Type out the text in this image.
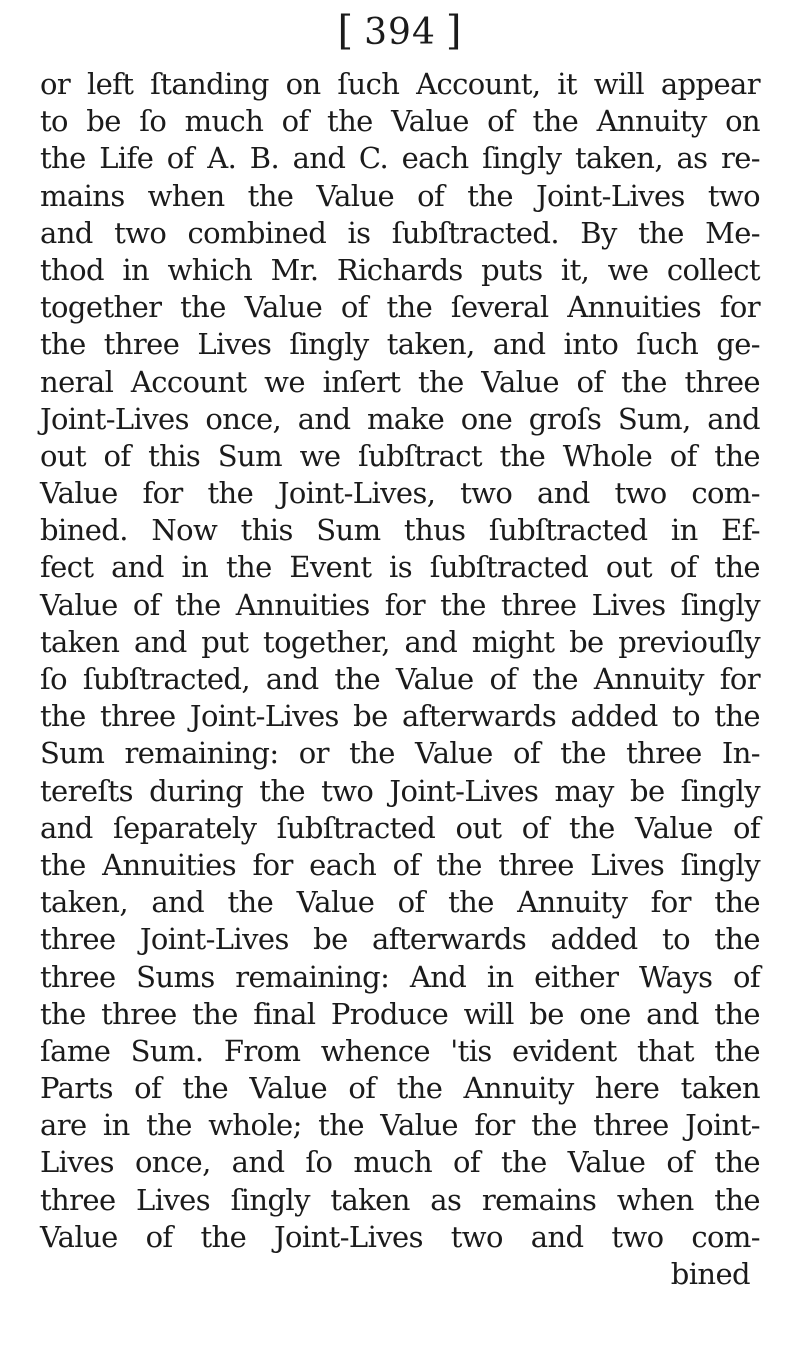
[ 394 ]
or left ſtanding on ſuch Account, it will appear
to be ſo much of the Value of the Annuity on
the Life of A. B. and C. each ſingly taken, as re-
mains when the Value of the Joint-Lives two
and two combined is ſubſtracted. By the Me-
thod in which Mr. Richards puts it, we collect
together the Value of the ſeveral Annuities for
the three Lives ſingly taken, and into ſuch ge-
neral Account we inſert the Value of the three
Joint-Lives once, and make one groſs Sum, and
out of this Sum we ſubſtract the Whole of the
Value for the Joint-Lives, two and two com-
bined. Now this Sum thus ſubſtracted in Ef-
fect and in the Event is ſubſtracted out of the
Value of the Annuities for the three Lives ſingly
taken and put together, and might be previouſly
ſo ſubſtracted, and the Value of the Annuity for
the three Joint-Lives be afterwards added to the
Sum remaining: or the Value of the three In-
tereſts during the two Joint-Lives may be ſingly
and ſeparately ſubſtracted out of the Value of
the Annuities for each of the three Lives ſingly
taken, and the Value of the Annuity for the
three Joint-Lives be afterwards added to the
three Sums remaining: And in either Ways of
the three the final Produce will be one and the
ſame Sum. From whence 'tis evident that the
Parts of the Value of the Annuity here taken
are in the whole; the Value for the three Joint-
Lives once, and ſo much of the Value of the
three Lives ſingly taken as remains when the
Value of the Joint-Lives two and two com-
bined
